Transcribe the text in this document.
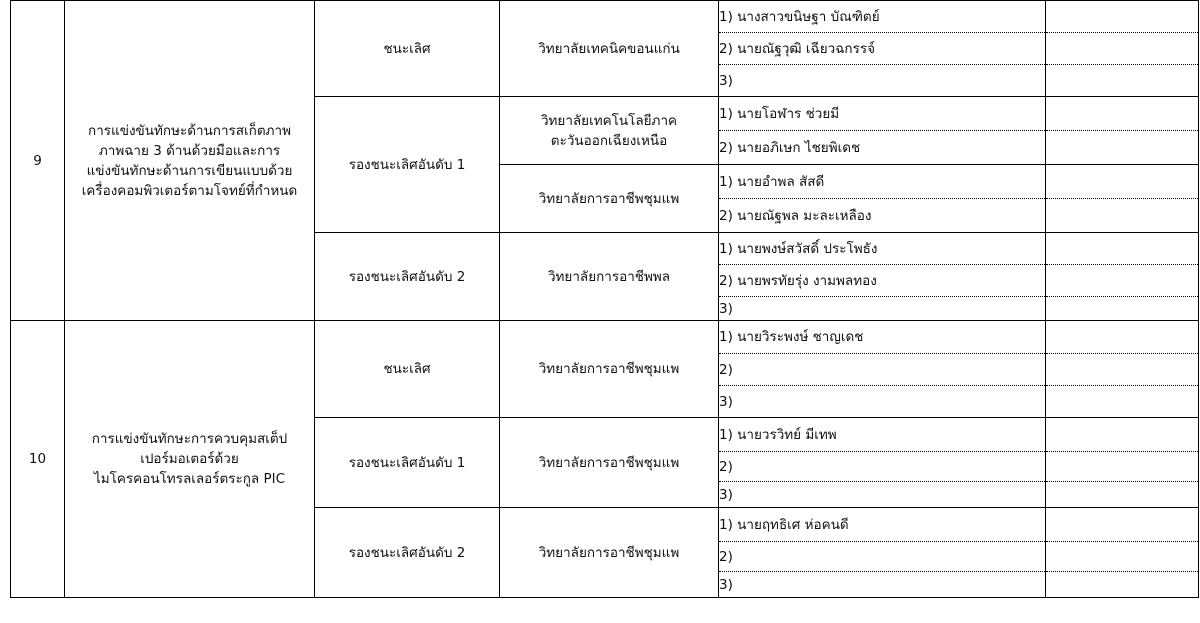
9	การแข่งขันทักษะด้านการสเก็ตภาพ
ภาพฉาย 3 ด้านด้วยมือและการ
แข่งขันทักษะด้านการเขียนแบบด้วย
เครื่องคอมพิวเตอร์ตามโจทย์ที่กำหนด	ชนะเลิศ	วิทยาลัยเทคนิคขอนแก่น	1) นางสาวขนิษฐา บัณฑิตย์	
				2) นายณัฐวุฒิ เฉียวฉกรรจ์	
				3)	
		รองชนะเลิศอันดับ 1	วิทยาลัยเทคโนโลยีภาค
ตะวันออกเฉียงเหนือ	1) นายโอฬาร ช่วยมี	
				2) นายอภิเษก ไชยพิเดช	

			วิทยาลัยการอาชีพชุมแพ	1) นายอำพล สัสดี	
				2) นายณัฐพล มะละเหลือง	
		รองชนะเลิศอันดับ 2	วิทยาลัยการอาชีพพล	1) นายพงษ์สวัสดิ์ ประโพธัง	
				2) นายพรทัยรุ่ง งามพลทอง	
				3)	
10	การแข่งขันทักษะการควบคุมสเต็ป
เปอร์มอเตอร์ด้วย
ไมโครคอนโทรลเลอร์ตระกูล PIC	ชนะเลิศ	วิทยาลัยการอาชีพชุมแพ	1) นายวิระพงษ์ ชาญเดช	
				2)	
				3)	
		รองชนะเลิศอันดับ 1	วิทยาลัยการอาชีพชุมแพ	1) นายวรวิทย์ มีเทพ	
				2)	
				3)	
		รองชนะเลิศอันดับ 2	วิทยาลัยการอาชีพชุมแพ	1) นายฤทธิเศ ห่อคนดี	
				2)	
				3)	
